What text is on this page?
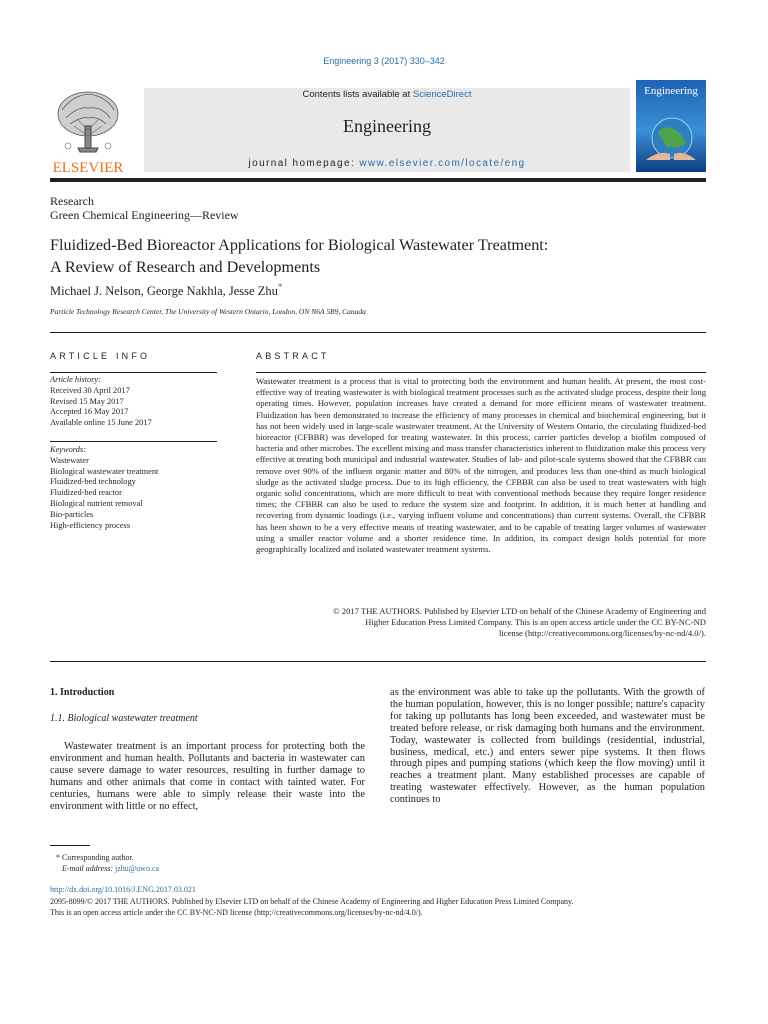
Engineering 3 (2017) 330–342
ELSEVIER
Contents lists available at ScienceDirect
Engineering
journal homepage: www.elsevier.com/locate/eng
Engineering
Research
Green Chemical Engineering—Review
Fluidized-Bed Bioreactor Applications for Biological Wastewater Treatment:
A Review of Research and Developments
Michael J. Nelson, George Nakhla, Jesse Zhu*
Particle Technology Research Center, The University of Western Ontario, London, ON N6A 5B9, Canada
ARTICLE INFO
Article history:
Received 30 April 2017
Revised 15 May 2017
Accepted 16 May 2017
Available online 15 June 2017
Keywords:
Wastewater
Biological wastewater treatment
Fluidized-bed technology
Fluidized-bed reactor
Biological nutrient removal
Bio-particles
High-efficiency process
ABSTRACT
Wastewater treatment is a process that is vital to protecting both the environment and human health. At present, the most cost-effective way of treating wastewater is with biological treatment processes such as the activated sludge process, despite their long operating times. However, population increases have created a demand for more efficient means of wastewater treatment. Fluidization has been demonstrated to increase the efficiency of many processes in chemical and biochemical engineering, but it has not been widely used in large-scale wastewater treatment. At the University of Western Ontario, the circulating fluidized-bed bioreactor (CFBBR) was developed for treating wastewater. In this process, carrier particles develop a biofilm composed of bacteria and other microbes. The excellent mixing and mass transfer characteristics inherent to fluidization make this process very effective at treating both municipal and industrial wastewater. Studies of lab- and pilot-scale systems showed that the CFBBR can remove over 90% of the influent organic matter and 80% of the nitrogen, and produces less than one-third as much biological sludge as the activated sludge process. Due to its high efficiency, the CFBBR can also be used to treat wastewaters with high organic solid concentrations, which are more difficult to treat with conventional methods because they require longer residence times; the CFBBR can also be used to reduce the system size and footprint. In addition, it is much better at handling and recovering from dynamic loadings (i.e., varying influent volume and concentrations) than current systems. Overall, the CFBBR has been shown to be a very effective means of treating wastewater, and to be capable of treating larger volumes of wastewater using a smaller reactor volume and a shorter residence time. In addition, its compact design holds potential for more geographically localized and isolated wastewater treatment systems.
© 2017 THE AUTHORS. Published by Elsevier LTD on behalf of the Chinese Academy of Engineering and
Higher Education Press Limited Company. This is an open access article under the CC BY-NC-ND
license (http://creativecommons.org/licenses/by-nc-nd/4.0/).
1. Introduction
1.1. Biological wastewater treatment
Wastewater treatment is an important process for protecting both the environment and human health. Pollutants and bacteria in wastewater can cause severe damage to water resources, resulting in further damage to humans and other animals that come in contact with tainted water. For centuries, humans were able to simply release their waste into the environment with little or no effect,
as the environment was able to take up the pollutants. With the growth of the human population, however, this is no longer possible; nature's capacity for taking up pollutants has long been exceeded, and wastewater must be treated before release, or risk damaging both humans and the environment. Today, wastewater is collected from buildings (residential, industrial, business, medical, etc.) and enters sewer pipe systems. It then flows through pipes and pumping stations (which keep the flow moving) until it reaches a treatment plant. Many established processes are capable of treating wastewater effectively. However, as the human population continues to
* Corresponding author.
E-mail address: jzhu@uwo.ca
http://dx.doi.org/10.1016/J.ENG.2017.03.021
2095-8099/© 2017 THE AUTHORS. Published by Elsevier LTD on behalf of the Chinese Academy of Engineering and Higher Education Press Limited Company.
This is an open access article under the CC BY-NC-ND license (http://creativecommons.org/licenses/by-nc-nd/4.0/).
